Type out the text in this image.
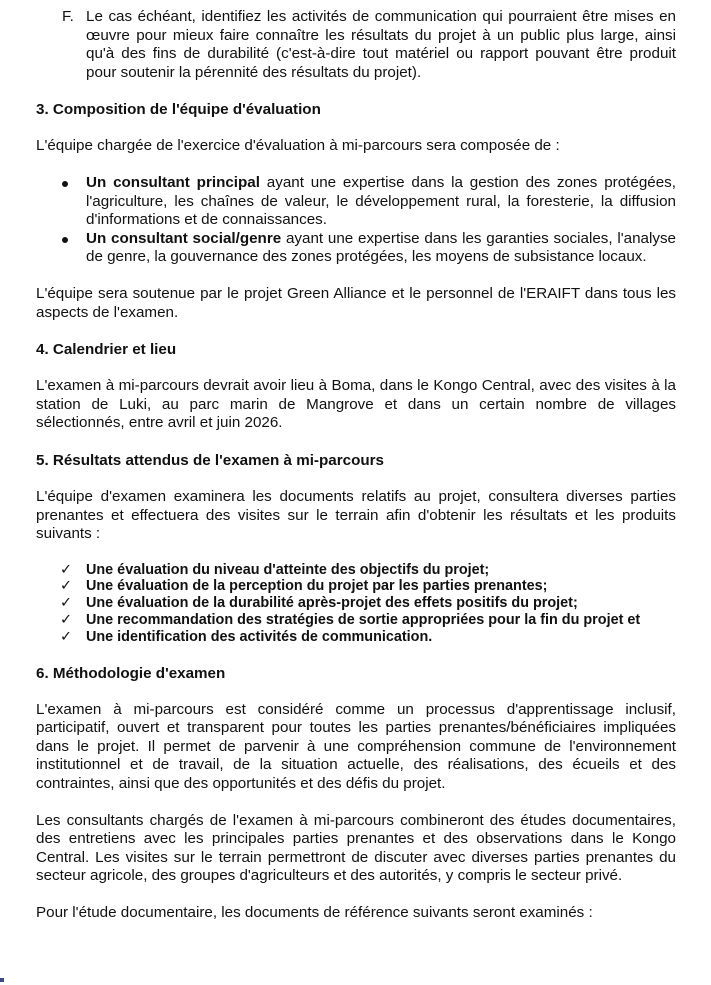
F. Le cas échéant, identifiez les activités de communication qui pourraient être mises en œuvre pour mieux faire connaître les résultats du projet à un public plus large, ainsi qu'à des fins de durabilité (c'est-à-dire tout matériel ou rapport pouvant être produit pour soutenir la pérennité des résultats du projet).
3. Composition de l'équipe d'évaluation

L'équipe chargée de l'exercice d'évaluation à mi-parcours sera composée de :

Un consultant principal ayant une expertise dans la gestion des zones protégées, l'agriculture, les chaînes de valeur, le développement rural, la foresterie, la diffusion d'informations et de connaissances.
Un consultant social/genre ayant une expertise dans les garanties sociales, l'analyse de genre, la gouvernance des zones protégées, les moyens de subsistance locaux.

L'équipe sera soutenue par le projet Green Alliance et le personnel de l'ERAIFT dans tous les aspects de l'examen.

4. Calendrier et lieu

L'examen à mi-parcours devrait avoir lieu à Boma, dans le Kongo Central, avec des visites à la station de Luki, au parc marin de Mangrove et dans un certain nombre de villages sélectionnés, entre avril et juin 2026.

5. Résultats attendus de l'examen à mi-parcours

L'équipe d'examen examinera les documents relatifs au projet, consultera diverses parties prenantes et effectuera des visites sur le terrain afin d'obtenir les résultats et les produits suivants :

✓ Une évaluation du niveau d'atteinte des objectifs du projet;
✓ Une évaluation de la perception du projet par les parties prenantes;
✓ Une évaluation de la durabilité après-projet des effets positifs du projet;
✓ Une recommandation des stratégies de sortie appropriées pour la fin du projet et
✓ Une identification des activités de communication.
6. Méthodologie d'examen

L'examen à mi-parcours est considéré comme un processus d'apprentissage inclusif, participatif, ouvert et transparent pour toutes les parties prenantes/bénéficiaires impliquées dans le projet. Il permet de parvenir à une compréhension commune de l'environnement institutionnel et de travail, de la situation actuelle, des réalisations, des écueils et des contraintes, ainsi que des opportunités et des défis du projet.

Les consultants chargés de l'examen à mi-parcours combineront des études documentaires, des entretiens avec les principales parties prenantes et des observations dans le Kongo Central. Les visites sur le terrain permettront de discuter avec diverses parties prenantes du secteur agricole, des groupes d'agriculteurs et des autorités, y compris le secteur privé.

Pour l'étude documentaire, les documents de référence suivants seront examinés :
